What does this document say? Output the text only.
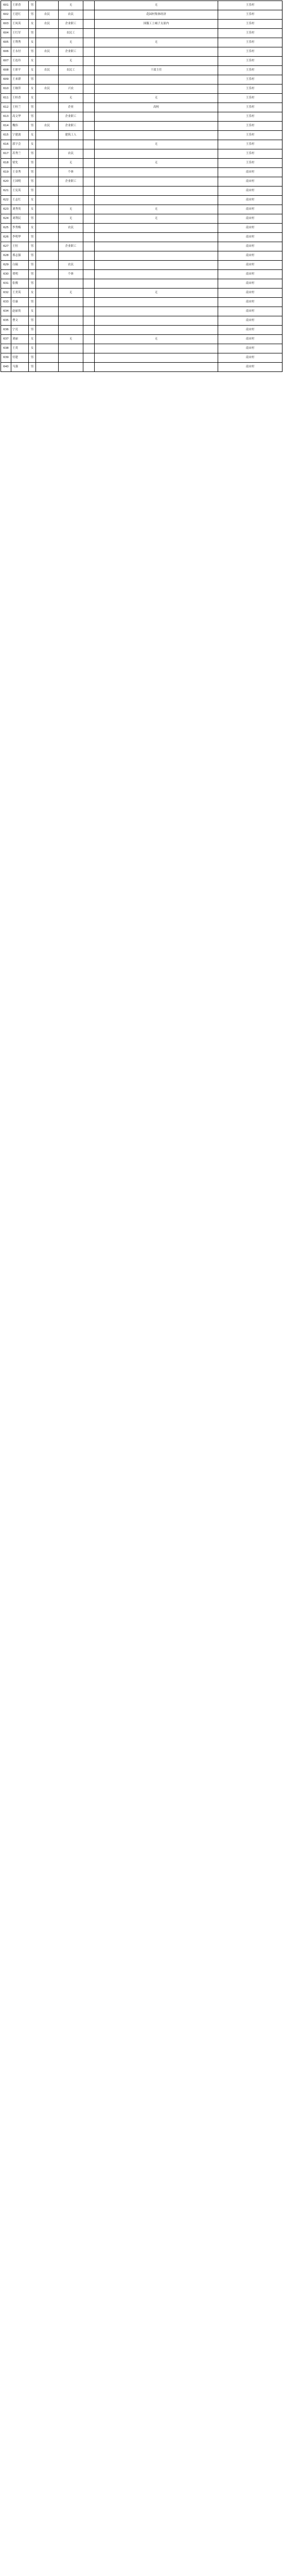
601	王彩香	男		无		无	王乐村
602	王延红	男	农民	农民		花园村集体经济	王乐村
603	王凤英	女	农民	企业职工		国服工上城子太原内	王乐村
604	王红军	男		农民工			王乐村
605	王利秀	女		无		无	王乐村
606	王永付	男	农民	企业职工			王乐村
607	王连玲	女		无			王乐村
608	王彩平	女	农民	农民工		干部主任	王乐村
609	王来群	男					王乐村
610	王继萍	女	农民	兴农			王乐村
611	王桂香	女		无		无	王乐村
612	王桂兰	男		企业		高校	王乐村
613	高文华	男		企业职工			王乐村
614	魏伟	男	农民	企业职工			王乐村
615	宁建波	女		建筑工人			王乐村
616	郭宇会	女				无	王乐村
617	苏秀兰	男		农民			王乐村
618	梁先	男		无		无	王乐村
619	王金秀	男		个体			南宋村
620	王国明	男		企业职工			南宋村
621	王宪英	男					南宋村
622	王志红	女					南宋村
623	刘秀英	女		无		无	南宋村
624	刘利民	男		无		无	南宋村
625	李秀梅	女		农民			南宋村
626	李明华	男					南宋村
627	王恒	男		企业职工			南宋村
628	邢志强	男					南宋村
629	白瑞	男		农民			南宋村
630	贾明	男		个体			南宋村
631	张俊	男					南宋村
632	王美英	女		无		无	南宋村
633	任康	男					南宋村
634	赵丽英	女					南宋村
635	曹文	男					南宋村
636	宁亮	男					南宋村
637	刘丽	女		无		无	南宋村
638	王英	女					南宋村
639	付建	男					南宋村
640	马强	男					南宋村
